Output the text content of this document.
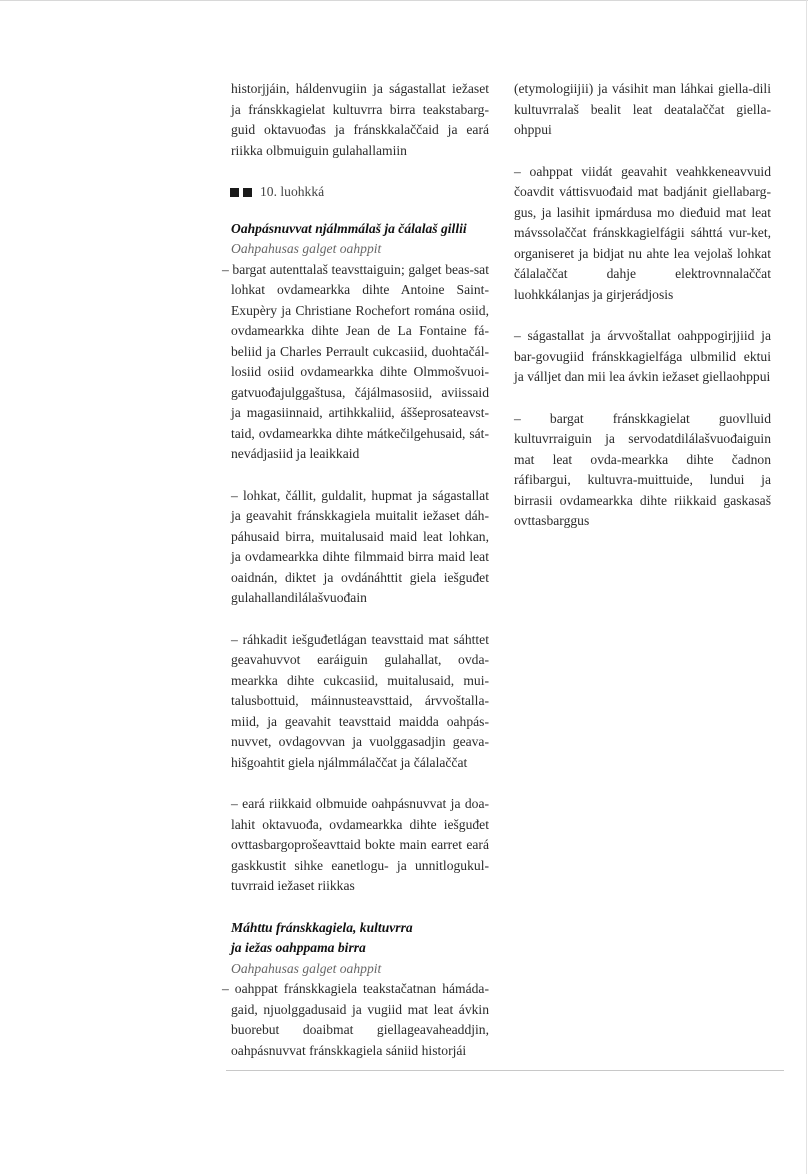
historjjáin, háldenvugiin ja ságastallat iežaset ja fránskkagielat kultuvrra birra teakstabarg-guid oktavuođas ja fránskkalaččaid ja eará riikka olbmuiguin gulahallamiin

10. luohkká

Oahpásnuvvat njálmmálaš ja čálalaš gillii

Oahpahusas galget oahppit

– bargat autenttalaš teavsttaiguin; galget beas-sat lohkat ovdamearkka dihte Antoine Saint-Exupèry ja Christiane Rochefort romána osiid, ovdamearkka dihte Jean de La Fontaine fá-beliid ja Charles Perrault cukcasiid, duohtačál-losiid osiid ovdamearkka dihte Olmmošvuoi-gatvuođajulggaštusa, čájálmasosiid, aviissaid ja magasiinnaid, artihkkaliid, áššeprosateavst-taid, ovdamearkka dihte mátkečilgehusaid, sát-nevádjasiid ja leaikkaid

– lohkat, čállit, guldalit, hupmat ja ságastallat ja geavahit fránskkagiela muitalit iežaset dáh-páhusaid birra, muitalusaid maid leat lohkan, ja ovdamearkka dihte filmmaid birra maid leat oaidnán, diktet ja ovdánáhttit giela iešguđet gulahallandilálašvuođain

– ráhkadit iešguđetlágan teavsttaid mat sáhttet geavahuvvot earáiguin gulahallat, ovda-mearkka dihte cukcasiid, muitalusaid, mui-talusbottuid, máinnusteavsttaid, árvvoštalla-miid, ja geavahit teavsttaid maidda oahpás-nuvvet, ovdagovvan ja vuolggasadjin geava-hišgoahtit giela njálmmálaččat ja čálalaččat

– eará riikkaid olbmuide oahpásnuvvat ja doa-lahit oktavuođa, ovdamearkka dihte iešguđet ovttasbargoprošeavttaid bokte main earret eará gaskkustit sihke eanetlogu- ja unnitlogukul-tuvrraid iežaset riikkas

Máhttu fránskkagiela, kultuvrra

ja iežas oahppama birra

Oahpahusas galget oahppit

– oahppat fránskkagiela teakstačatnan hámáda-gaid, njuolggadusaid ja vugiid mat leat ávkin buorebut doaibmat giellageavaheaddjin, oahpásnuvvat fránskkagiela sániid historjái

(etymologiijii) ja vásihit man láhkai giella-dili kultuvrralaš bealit leat deatalaččat giella-ohppui

– oahppat viidát geavahit veahkkeneavvuid čoavdit váttisvuođaid mat badjánit giellabarg-gus, ja lasihit ipmárdusa mo dieđuid mat leat mávssolaččat fránskkagielfágii sáhttá vur-ket, organiseret ja bidjat nu ahte lea vejolaš lohkat čálalaččat dahje elektrovnnalaččat luohkkálanjas ja girjerádjosis

– ságastallat ja árvvoštallat oahppogirjjiid ja bar-govugiid fránskkagielfága ulbmilid ektui ja válljet dan mii lea ávkin iežaset giellaohppui

– bargat fránskkagielat guovlluid kultuvrraiguin ja servodatdilálašvuođaiguin mat leat ovda-mearkka dihte čadnon ráfibargui, kultuvra-muittuide, lundui ja birrasii ovdamearkka dihte riikkaid gaskasaš ovttasbarggus
